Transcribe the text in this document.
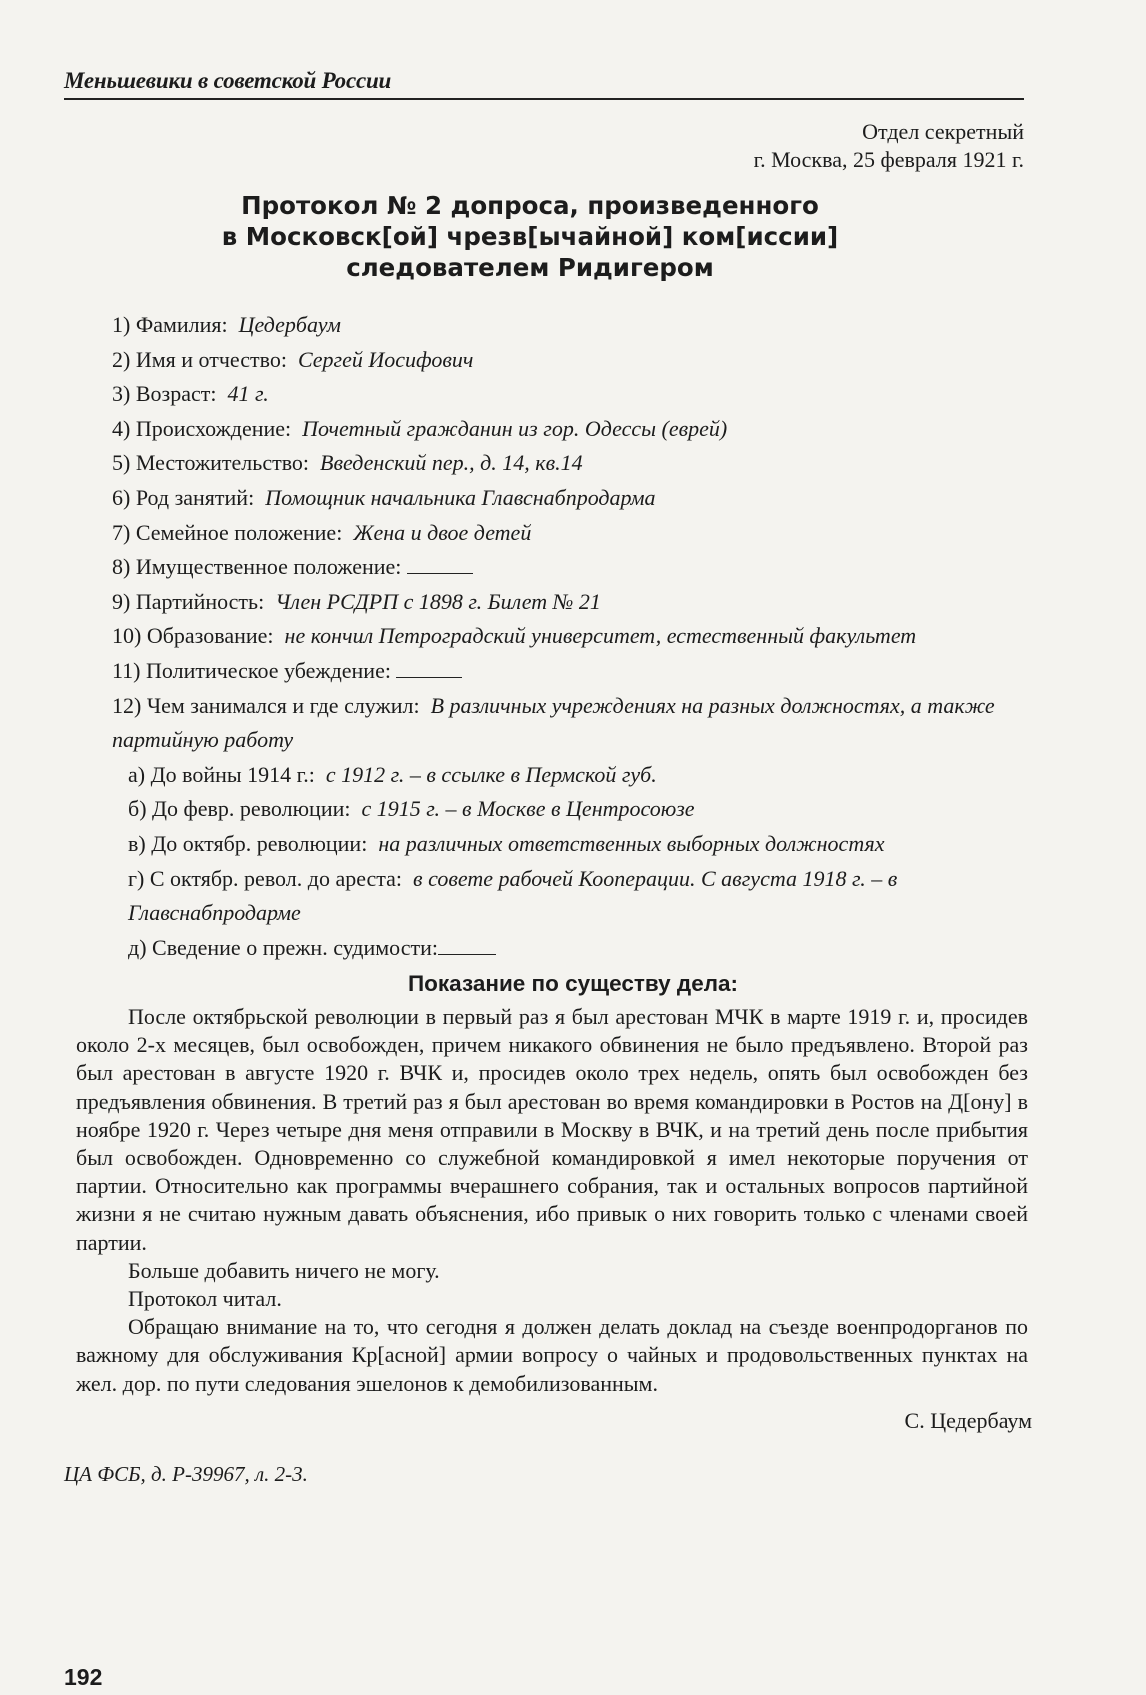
Меньшевики в советской России
Отдел секретный
г. Москва, 25 февраля 1921 г.
Протокол № 2 допроса, произведенного
в Московск[ой] чрезв[ычайной] ком[иссии]
следователем Ридигером
1) Фамилия: Цедербаум
2) Имя и отчество: Сергей Иосифович
3) Возраст: 41 г.
4) Происхождение: Почетный гражданин из гор. Одессы (еврей)
5) Местожительство: Введенский пер., д. 14, кв.14
6) Род занятий: Помощник начальника Главснабпродарма
7) Семейное положение: Жена и двое детей
8) Имущественное положение:
9) Партийность: Член РСДРП с 1898 г. Билет № 21
10) Образование: не кончил Петроградский университет, естественный факультет
11) Политическое убеждение:
12) Чем занимался и где служил: В различных учреждениях на разных должностях, а также партийную работу
а) До войны 1914 г.: с 1912 г. – в ссылке в Пермской губ.
б) До февр. революции: с 1915 г. – в Москве в Центросоюзе
в) До октябр. революции: на различных ответственных выборных должностях
г) С октябр. револ. до ареста: в совете рабочей Кооперации. С августа 1918 г. – в Главснабпродарме
д) Сведение о прежн. судимости:
Показание по существу дела:

После октябрьской революции в первый раз я был арестован МЧК в марте 1919 г. и, просидев около 2-х месяцев, был освобожден, причем никакого обвинения не было предъявлено. Второй раз был арестован в августе 1920 г. ВЧК и, просидев около трех недель, опять был освобожден без предъявления обвинения. В третий раз я был арестован во время командировки в Ростов на Д[ону] в ноябре 1920 г. Через четыре дня меня отправили в Москву в ВЧК, и на третий день после прибытия был освобожден. Одновременно со служебной командировкой я имел некоторые поручения от партии. Относительно как программы вчерашнего собрания, так и остальных вопросов партийной жизни я не считаю нужным давать объяснения, ибо привык о них говорить только с членами своей партии.

Больше добавить ничего не могу.

Протокол читал.

Обращаю внимание на то, что сегодня я должен делать доклад на съезде военпродорганов по важному для обслуживания Кр[асной] армии вопросу о чайных и продовольственных пунктах на жел. дор. по пути следования эшелонов к демобилизованным.

С. Цедербаум
ЦА ФСБ, д. Р-39967, л. 2-3.
192
